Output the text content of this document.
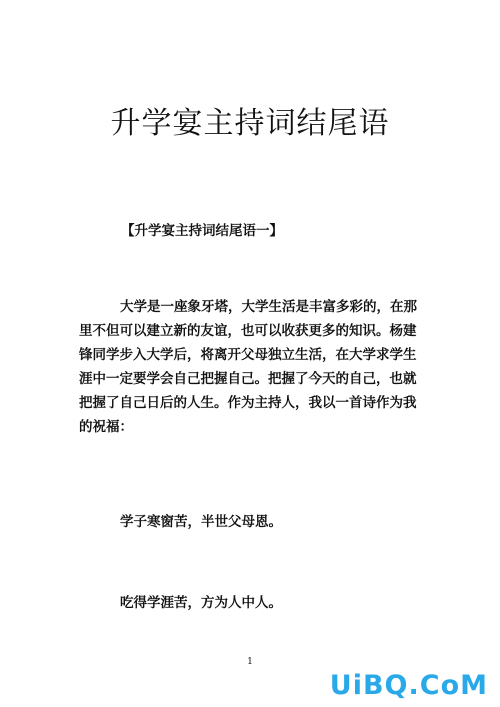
升学宴主持词结尾语
【升学宴主持词结尾语一】
大学是一座象牙塔，大学生活是丰富多彩的，在那
里不但可以建立新的友谊，也可以收获更多的知识。杨建
锋同学步入大学后，将离开父母独立生活，在大学求学生
涯中一定要学会自己把握自己。把握了今天的自己，也就
把握了自己日后的人生。作为主持人，我以一首诗作为我
的祝福：
学子寒窗苦，半世父母恩。
吃得学涯苦，方为人中人。
1
UiBQ.CoM
